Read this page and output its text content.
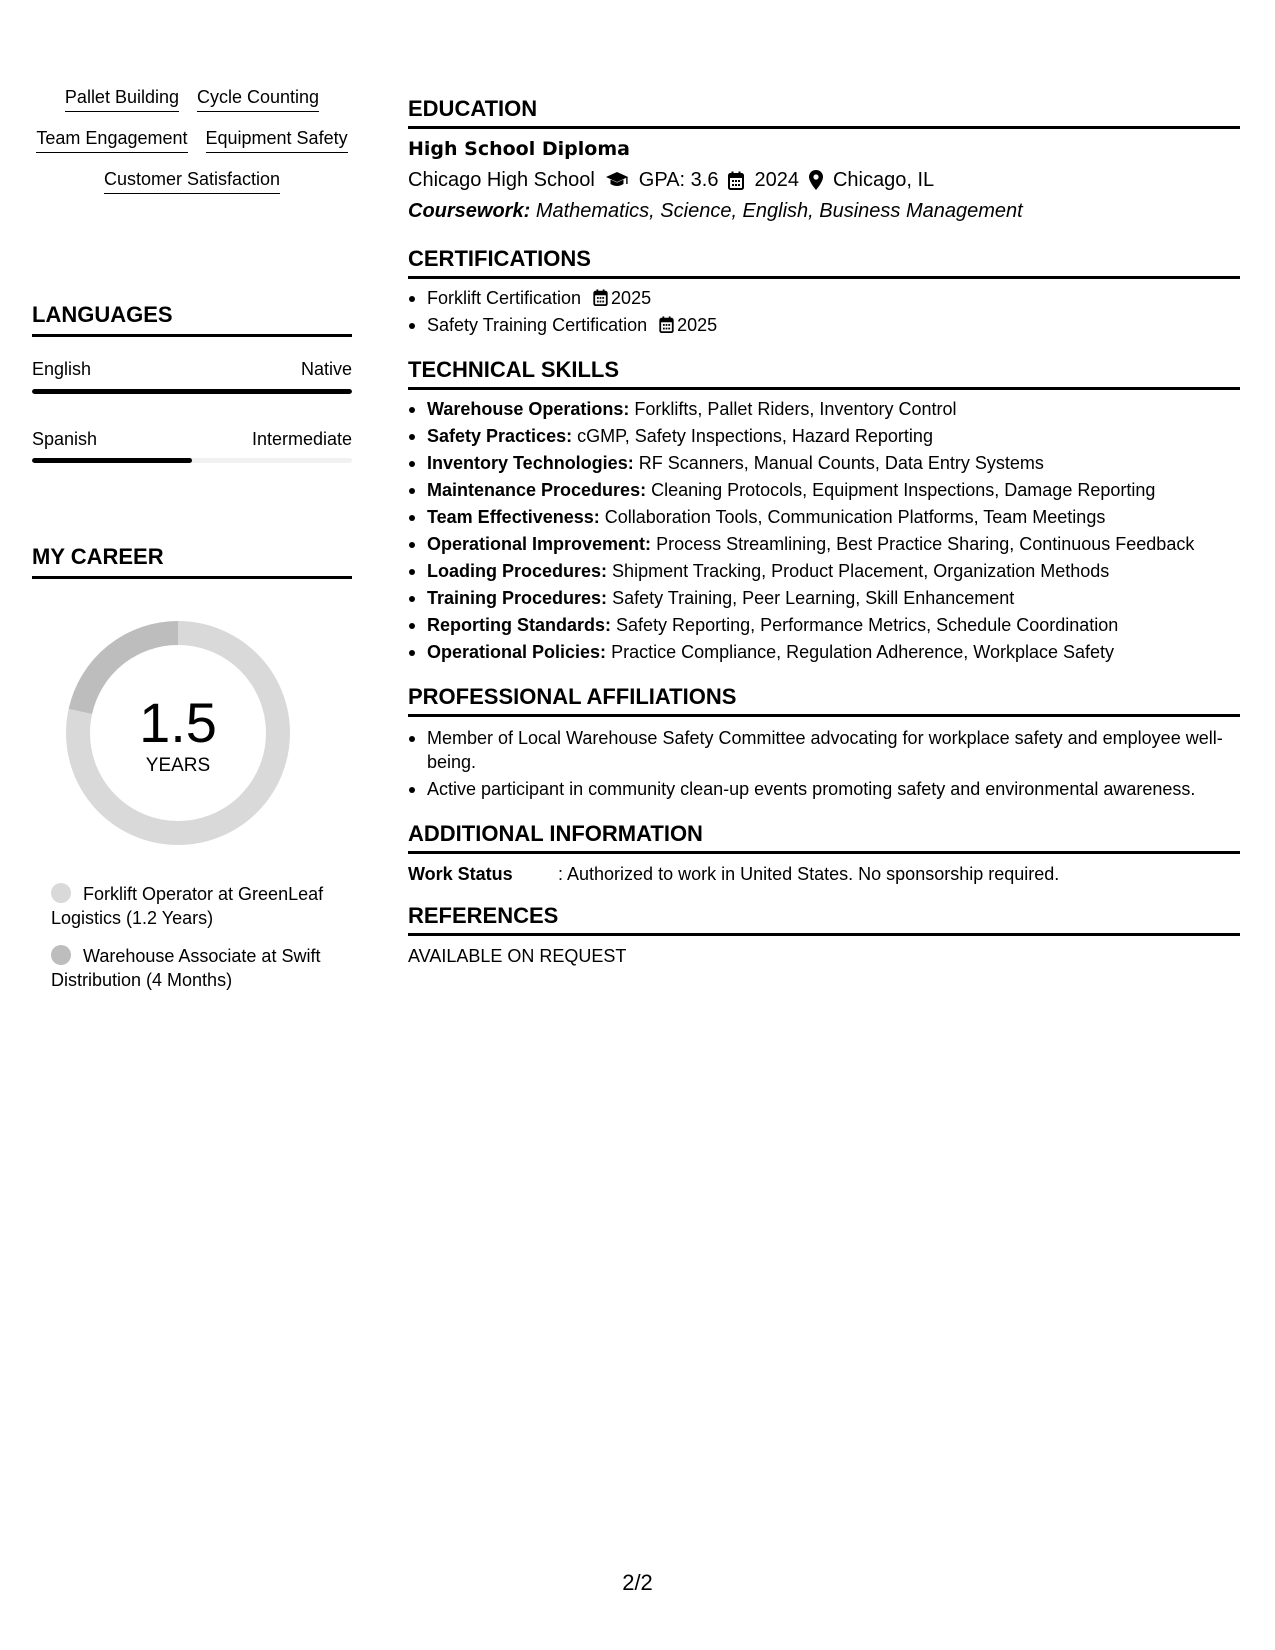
Pallet Building Cycle Counting
Team Engagement Equipment Safety
Customer Satisfaction
LANGUAGES
English	Native
Spanish	Intermediate
MY CAREER
1.5
YEARS
Forklift Operator at GreenLeaf Logistics (1.2 Years)
Warehouse Associate at Swift Distribution (4 Months)
EDUCATION
High School Diploma
Chicago High School GPA: 3.6 2024 Chicago, IL
Coursework: Mathematics, Science, English, Business Management
CERTIFICATIONS
Forklift Certification 2025
Safety Training Certification 2025
TECHNICAL SKILLS
Warehouse Operations: Forklifts, Pallet Riders, Inventory Control
Safety Practices: cGMP, Safety Inspections, Hazard Reporting
Inventory Technologies: RF Scanners, Manual Counts, Data Entry Systems
Maintenance Procedures: Cleaning Protocols, Equipment Inspections, Damage Reporting
Team Effectiveness: Collaboration Tools, Communication Platforms, Team Meetings
Operational Improvement: Process Streamlining, Best Practice Sharing, Continuous Feedback
Loading Procedures: Shipment Tracking, Product Placement, Organization Methods
Training Procedures: Safety Training, Peer Learning, Skill Enhancement
Reporting Standards: Safety Reporting, Performance Metrics, Schedule Coordination
Operational Policies: Practice Compliance, Regulation Adherence, Workplace Safety
PROFESSIONAL AFFILIATIONS
Member of Local Warehouse Safety Committee advocating for workplace safety and employee well-being.
Active participant in community clean-up events promoting safety and environmental awareness.
ADDITIONAL INFORMATION
Work Status	: Authorized to work in United States. No sponsorship required.
REFERENCES
AVAILABLE ON REQUEST
2/2
